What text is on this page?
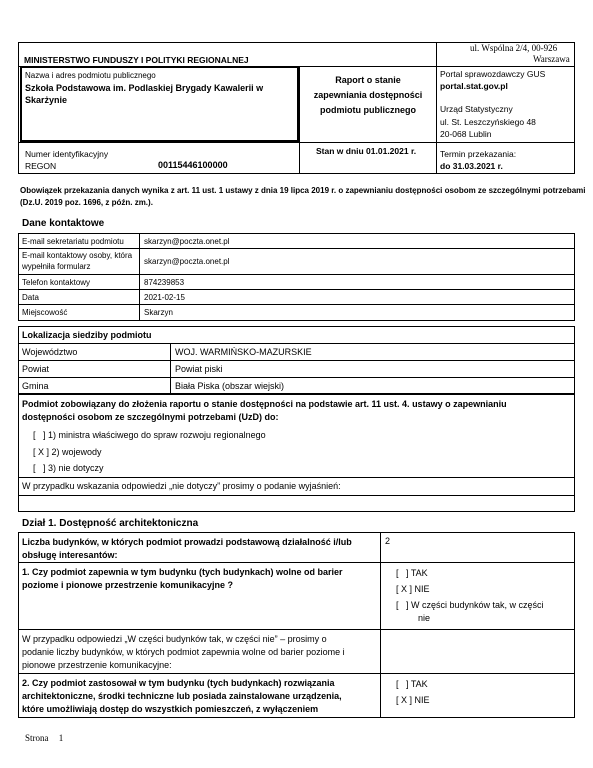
MINISTERSTWO FUNDUSZY I POLITYKI REGIONALNEJ
ul. Wspólna 2/4, 00-926
Warszawa
Nazwa i adres podmiotu publicznego
Szkoła Podstawowa im. Podlaskiej Brygady Kawalerii w
Skarżynie
Raport o stanie
zapewniania dostępności
podmiotu publicznego
Portal sprawozdawczy GUS
portal.stat.gov.pl
Urząd Statystyczny
ul. St. Leszczyńskiego 48
20-068 Lublin
Numer identyfikacyjny
REGON	00115446100000
Stan w dniu 01.01.2021 r.	Termin przekazania:
do 31.03.2021 r.
Obowiązek przekazania danych wynika z art. 11 ust. 1 ustawy z dnia 19 lipca 2019 r. o zapewnianiu dostępności osobom ze szczególnymi potrzebami
(Dz.U. 2019 poz. 1696, z późn. zm.).
Dane kontaktowe
E-mail sekretariatu podmiotu	skarzyn@poczta.onet.pl
E-mail kontaktowy osoby, która
wypełniła formularz
skarzyn@poczta.onet.pl
Telefon kontaktowy	874239853
Data	2021-02-15
Miejscowość	Skarzyn
Lokalizacja siedziby podmiotu
Województwo	WOJ. WARMIŃSKO-MAZURSKIE
Powiat	Powiat piski
Gmina	Biała Piska (obszar wiejski)
Podmiot zobowiązany do złożenia raportu o stanie dostępności na podstawie art. 11 ust. 4. ustawy o zapewnianiu
dostępności osobom ze szczególnymi potrzebami (UzD) do:
[   ] 1) ministra właściwego do spraw rozwoju regionalnego
[ X ] 2) wojewody
[   ] 3) nie dotyczy
W przypadku wskazania odpowiedzi „nie dotyczy” prosimy o podanie wyjaśnień:
Dział 1. Dostępność architektoniczna
Liczba budynków, w których podmiot prowadzi podstawową działalność i/lub
obsługę interesantów:
2
1. Czy podmiot zapewnia w tym budynku (tych budynkach) wolne od barier
poziome i pionowe przestrzenie komunikacyjne ?
[   ] TAK
[ X ] NIE
[   ] W części budynków tak, w części
nie
W przypadku odpowiedzi „W części budynków tak, w części nie” – prosimy o
podanie liczby budynków, w których podmiot zapewnia wolne od barier poziome i
pionowe przestrzenie komunikacyjne:
2. Czy podmiot zastosował w tym budynku (tych budynkach) rozwiązania
architektoniczne, środki techniczne lub posiada zainstalowane urządzenia,
które umożliwiają dostęp do wszystkich pomieszczeń, z wyłączeniem
[   ] TAK
[ X ] NIE
Strona 1
